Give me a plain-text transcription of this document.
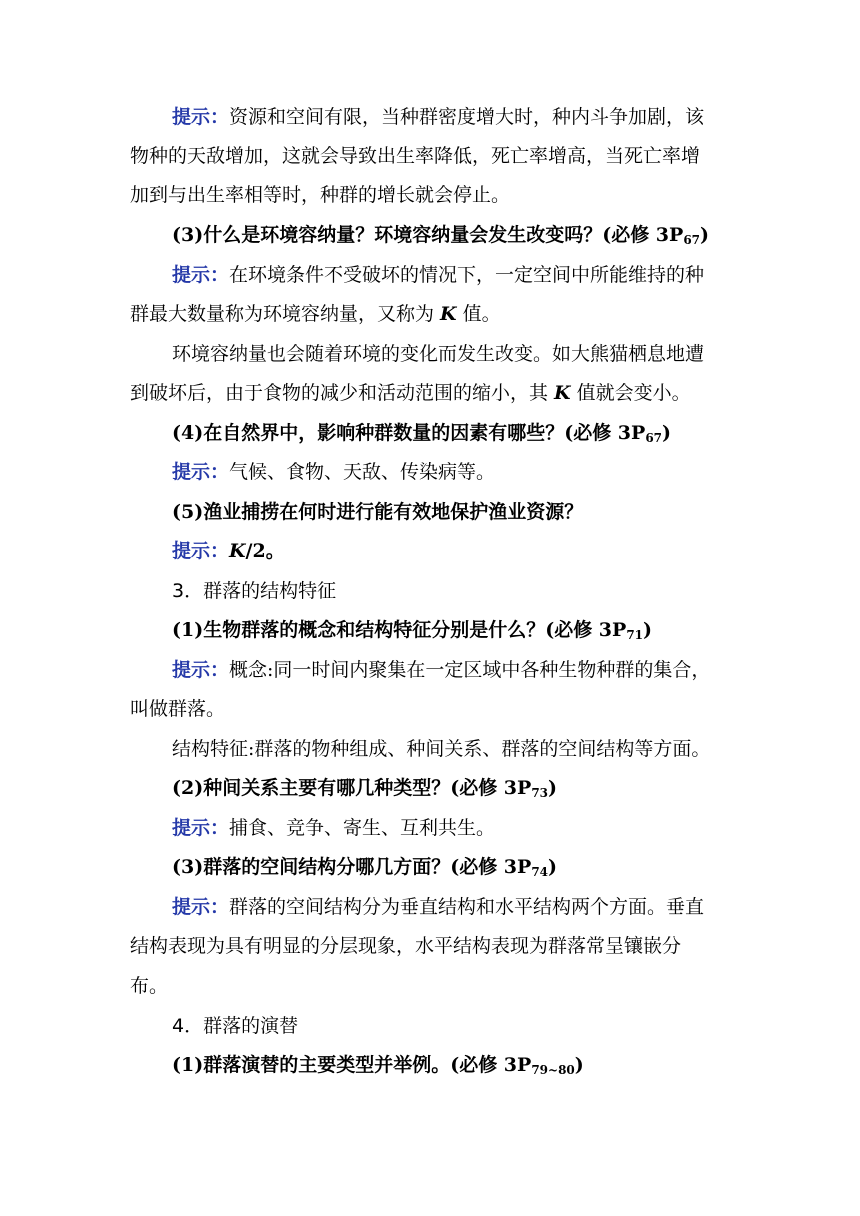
提示：资源和空间有限，当种群密度增大时，种内斗争加剧，该
物种的天敌增加，这就会导致出生率降低，死亡率增高，当死亡率增
加到与出生率相等时，种群的增长就会停止。
(3)什么是环境容纳量？环境容纳量会发生改变吗？(必修 $3P_{67}$)
提示：在环境条件不受破坏的情况下，一定空间中所能维持的种
群最大数量称为环境容纳量，又称为 K 值。
环境容纳量也会随着环境的变化而发生改变。如大熊猫栖息地遭
到破坏后，由于食物的减少和活动范围的缩小，其 K 值就会变小。
(4)在自然界中，影响种群数量的因素有哪些？(必修 $3P_{67}$)
提示：气候、食物、天敌、传染病等。
(5)渔业捕捞在何时进行能有效地保护渔业资源？
提示：K/2。
3．群落的结构特征
(1)生物群落的概念和结构特征分别是什么？(必修 $3P_{71}$)
提示：概念:同一时间内聚集在一定区域中各种生物种群的集合，
叫做群落。
结构特征:群落的物种组成、种间关系、群落的空间结构等方面。
(2)种间关系主要有哪几种类型？(必修 $3P_{73}$)
提示：捕食、竞争、寄生、互利共生。
(3)群落的空间结构分哪几方面？(必修 $3P_{74}$)
提示：群落的空间结构分为垂直结构和水平结构两个方面。垂直
结构表现为具有明显的分层现象，水平结构表现为群落常呈镶嵌分
布。
4．群落的演替
(1)群落演替的主要类型并举例。(必修 $3P_{79\sim 80}$)
